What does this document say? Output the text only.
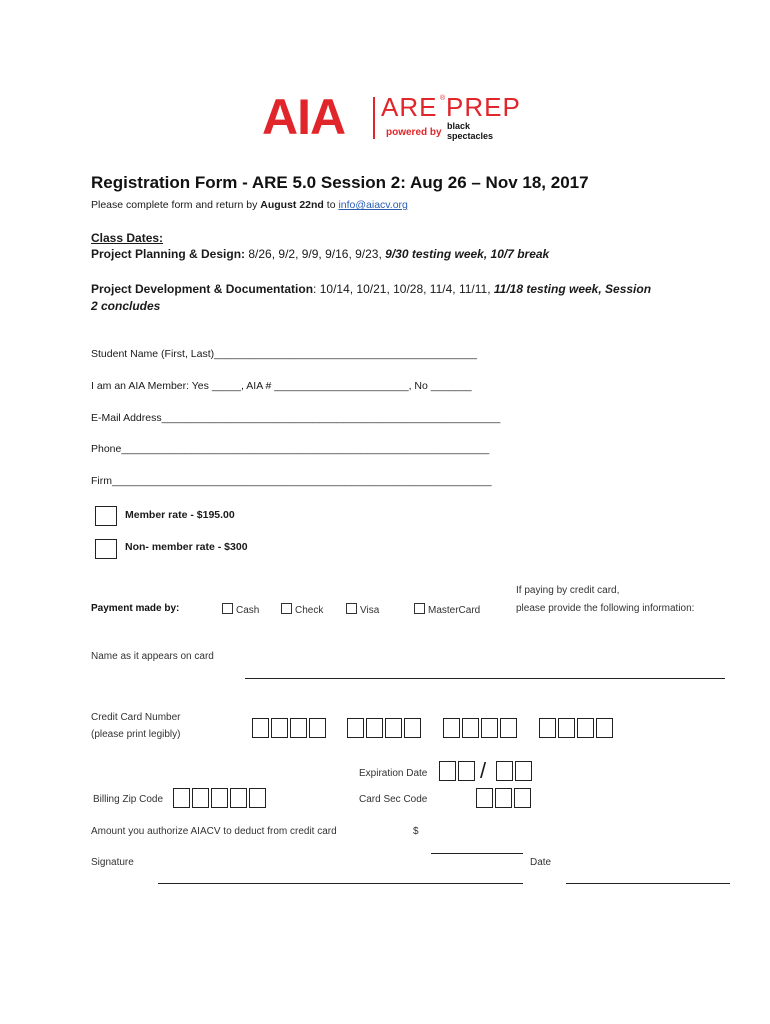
AIA ARE ® PREP
powered by
black
spectacles
Registration Form - ARE 5.0 Session 2: Aug 26 – Nov 18, 2017
Please complete form and return by August 22nd to info@aiacv.org
Class Dates:
Project Planning & Design: 8/26, 9/2, 9/9, 9/16, 9/23, 9/30 testing week, 10/7 break
Project Development & Documentation: 10/14, 10/21, 10/28, 11/4, 11/11, 11/18 testing week, Session
2 concludes
Student Name (First, Last)_____________________________________________
I am an AIA Member: Yes _____, AIA # _______________________, No _______
E-Mail Address__________________________________________________________
Phone_______________________________________________________________
Firm_________________________________________________________________
Member rate - $195.00
Non- member rate - $300
Payment made by:	Cash	Check	Visa	MasterCard
If paying by credit card,
please provide the following information:
Name as it appears on card
Credit Card Number
(please print legibly)
Expiration Date /
Billing Zip Code	Card Sec Code
Amount you authorize AIACV to deduct from credit card	$
Signature	Date
